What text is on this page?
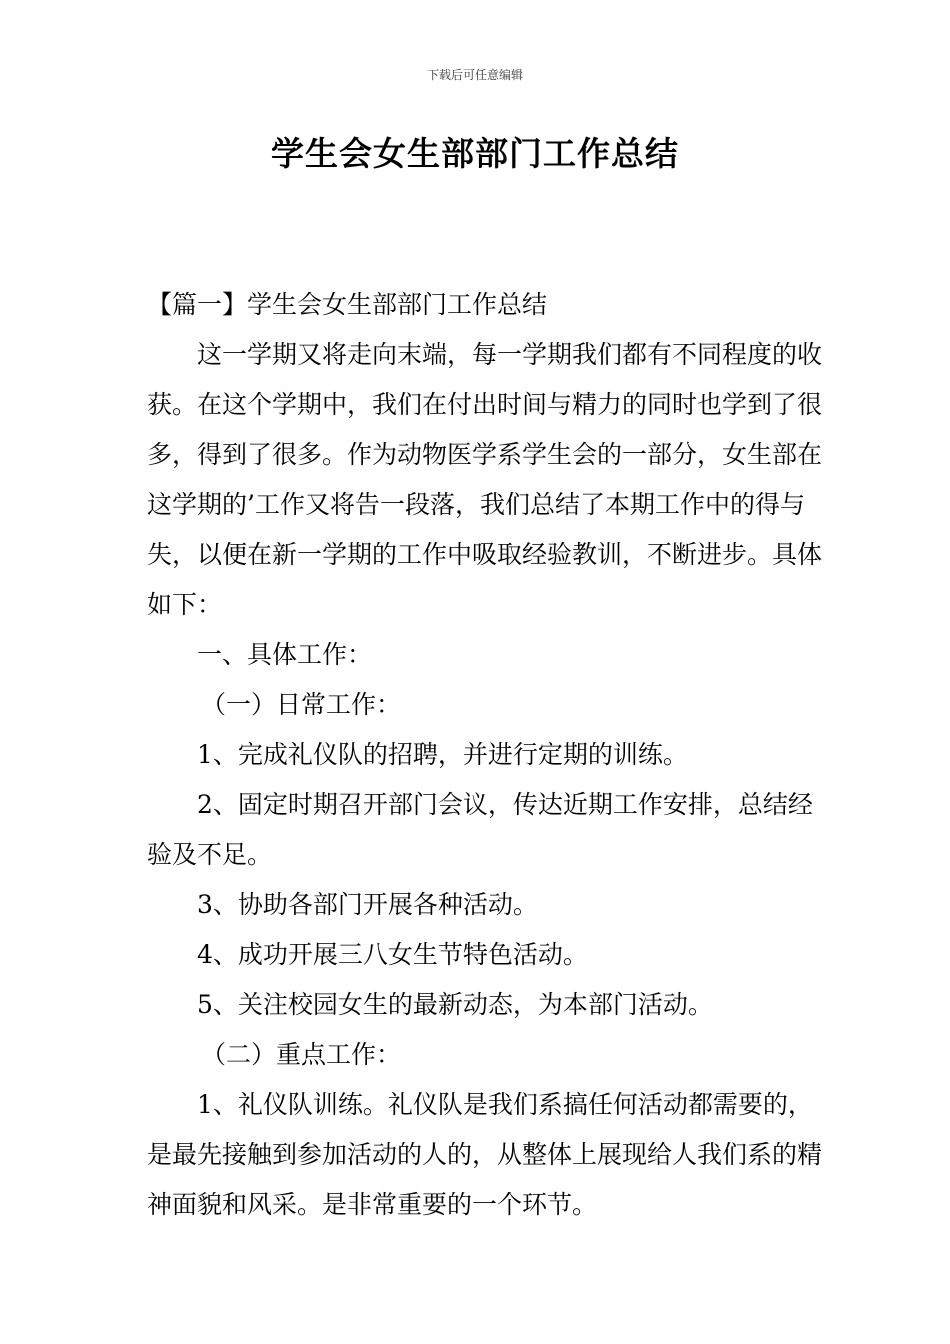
下载后可任意编辑
学生会女生部部门工作总结

【篇一】学生会女生部部门工作总结

这一学期又将走向末端，每一学期我们都有不同程度的收获。在这个学期中，我们在付出时间与精力的同时也学到了很多，得到了很多。作为动物医学系学生会的一部分，女生部在这学期的’工作又将告一段落，我们总结了本期工作中的得与失，以便在新一学期的工作中吸取经验教训，不断进步。具体如下：

一、具体工作：

（一）日常工作：

1、完成礼仪队的招聘，并进行定期的训练。

2、固定时期召开部门会议，传达近期工作安排，总结经验及不足。

3、协助各部门开展各种活动。

4、成功开展三八女生节特色活动。

5、关注校园女生的最新动态，为本部门活动。

（二）重点工作：

1、礼仪队训练。礼仪队是我们系搞任何活动都需要的，是最先接触到参加活动的人的，从整体上展现给人我们系的精神面貌和风采。是非常重要的一个环节。
